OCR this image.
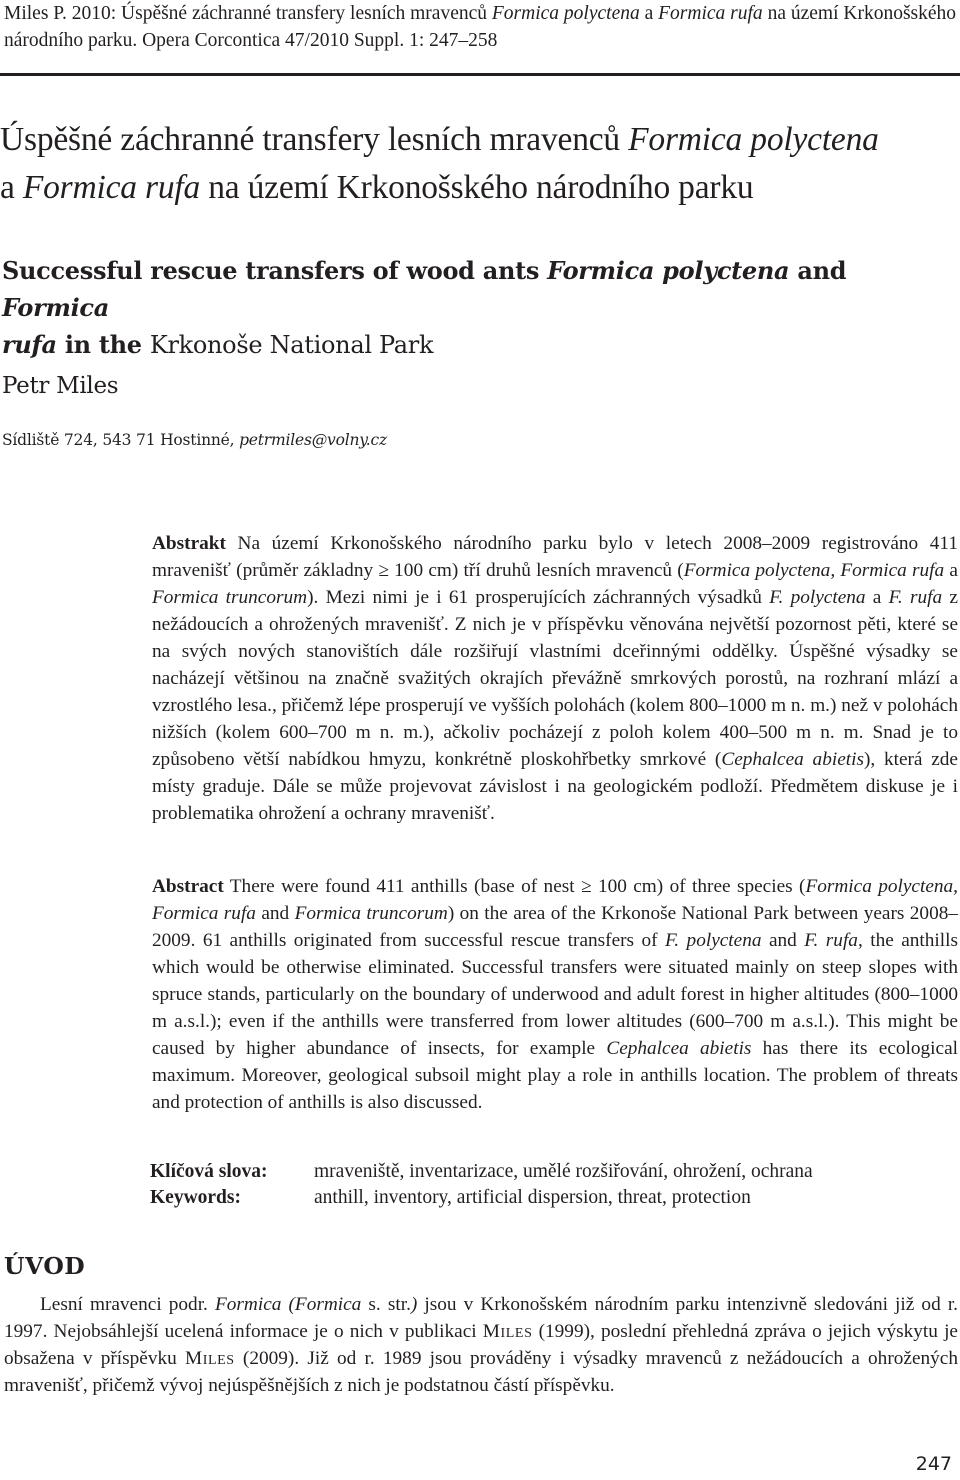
Miles P. 2010: Úspěšné záchranné transfery lesních mravenců Formica polyctena a Formica rufa na území Krkonošského národního parku. Opera Corcontica 47/2010 Suppl. 1: 247–258
Úspěšné záchranné transfery lesních mravenců Formica polyctena
a Formica rufa na území Krkonošského národního parku
Successful rescue transfers of wood ants Formica polyctena and Formica
rufa in the Krkonoše National Park
Petr Miles
Sídliště 724, 543 71 Hostinné, petrmiles@volny.cz

Abstrakt Na území Krkonošského národního parku bylo v letech 2008–2009 registrováno 411 mravenišť (průměr základny ≥ 100 cm) tří druhů lesních mravenců (Formica polyctena, Formica rufa a Formica truncorum). Mezi nimi je i 61 prosperujících záchranných výsadků F. polyctena a F. rufa z nežádoucích a ohrožených mravenišť. Z nich je v příspěvku věnována největší pozornost pěti, které se na svých nových stanovištích dále rozšiřují vlastními dceřinnými oddělky. Úspěšné výsadky se nacházejí většinou na značně svažitých okrajích převážně smrkových porostů, na rozhraní mlází a vzrostlého lesa., přičemž lépe prosperují ve vyšších polohách (kolem 800–1000 m n. m.) než v polohách nižších (kolem 600–700 m n. m.), ačkoliv pocházejí z poloh kolem 400–500 m n. m. Snad je to způsobeno větší nabídkou hmyzu, konkrétně ploskohřbetky smrkové (Cephalcea abietis), která zde místy graduje. Dále se může projevovat závislost i na geologickém podloží. Předmětem diskuse je i problematika ohrožení a ochrany mravenišť.

Abstract There were found 411 anthills (base of nest ≥ 100 cm) of three species (Formica polyctena, Formica rufa and Formica truncorum) on the area of the Krkonoše National Park between years 2008–2009. 61 anthills originated from successful rescue transfers of F. polyctena and F. rufa, the anthills which would be otherwise eliminated. Successful transfers were situated mainly on steep slopes with spruce stands, particularly on the boundary of underwood and adult forest in higher altitudes (800–1000 m a.s.l.); even if the anthills were transferred from lower altitudes (600–700 m a.s.l.). This might be caused by higher abundance of insects, for example Cephalcea abietis has there its ecological maximum. Moreover, geological subsoil might play a role in anthills location. The problem of threats and protection of anthills is also discussed.

Klíčová slova: mraveniště, inventarizace, umělé rozšiřování, ohrožení, ochrana
Keywords:	anthill, inventory, artificial dispersion, threat, protection
ÚVOD

Lesní mravenci podr. Formica (Formica s. str.) jsou v Krkonošském národním parku intenzivně sledováni již od r. 1997. Nejobsáhlejší ucelená informace je o nich v publikaci Miles (1999), poslední přehledná zpráva o jejich výskytu je obsažena v příspěvku Miles (2009). Již od r. 1989 jsou prováděny i výsadky mravenců z nežádoucích a ohrožených mravenišť, přičemž vývoj nejúspěšnějších z nich je podstatnou částí příspěvku.

247
